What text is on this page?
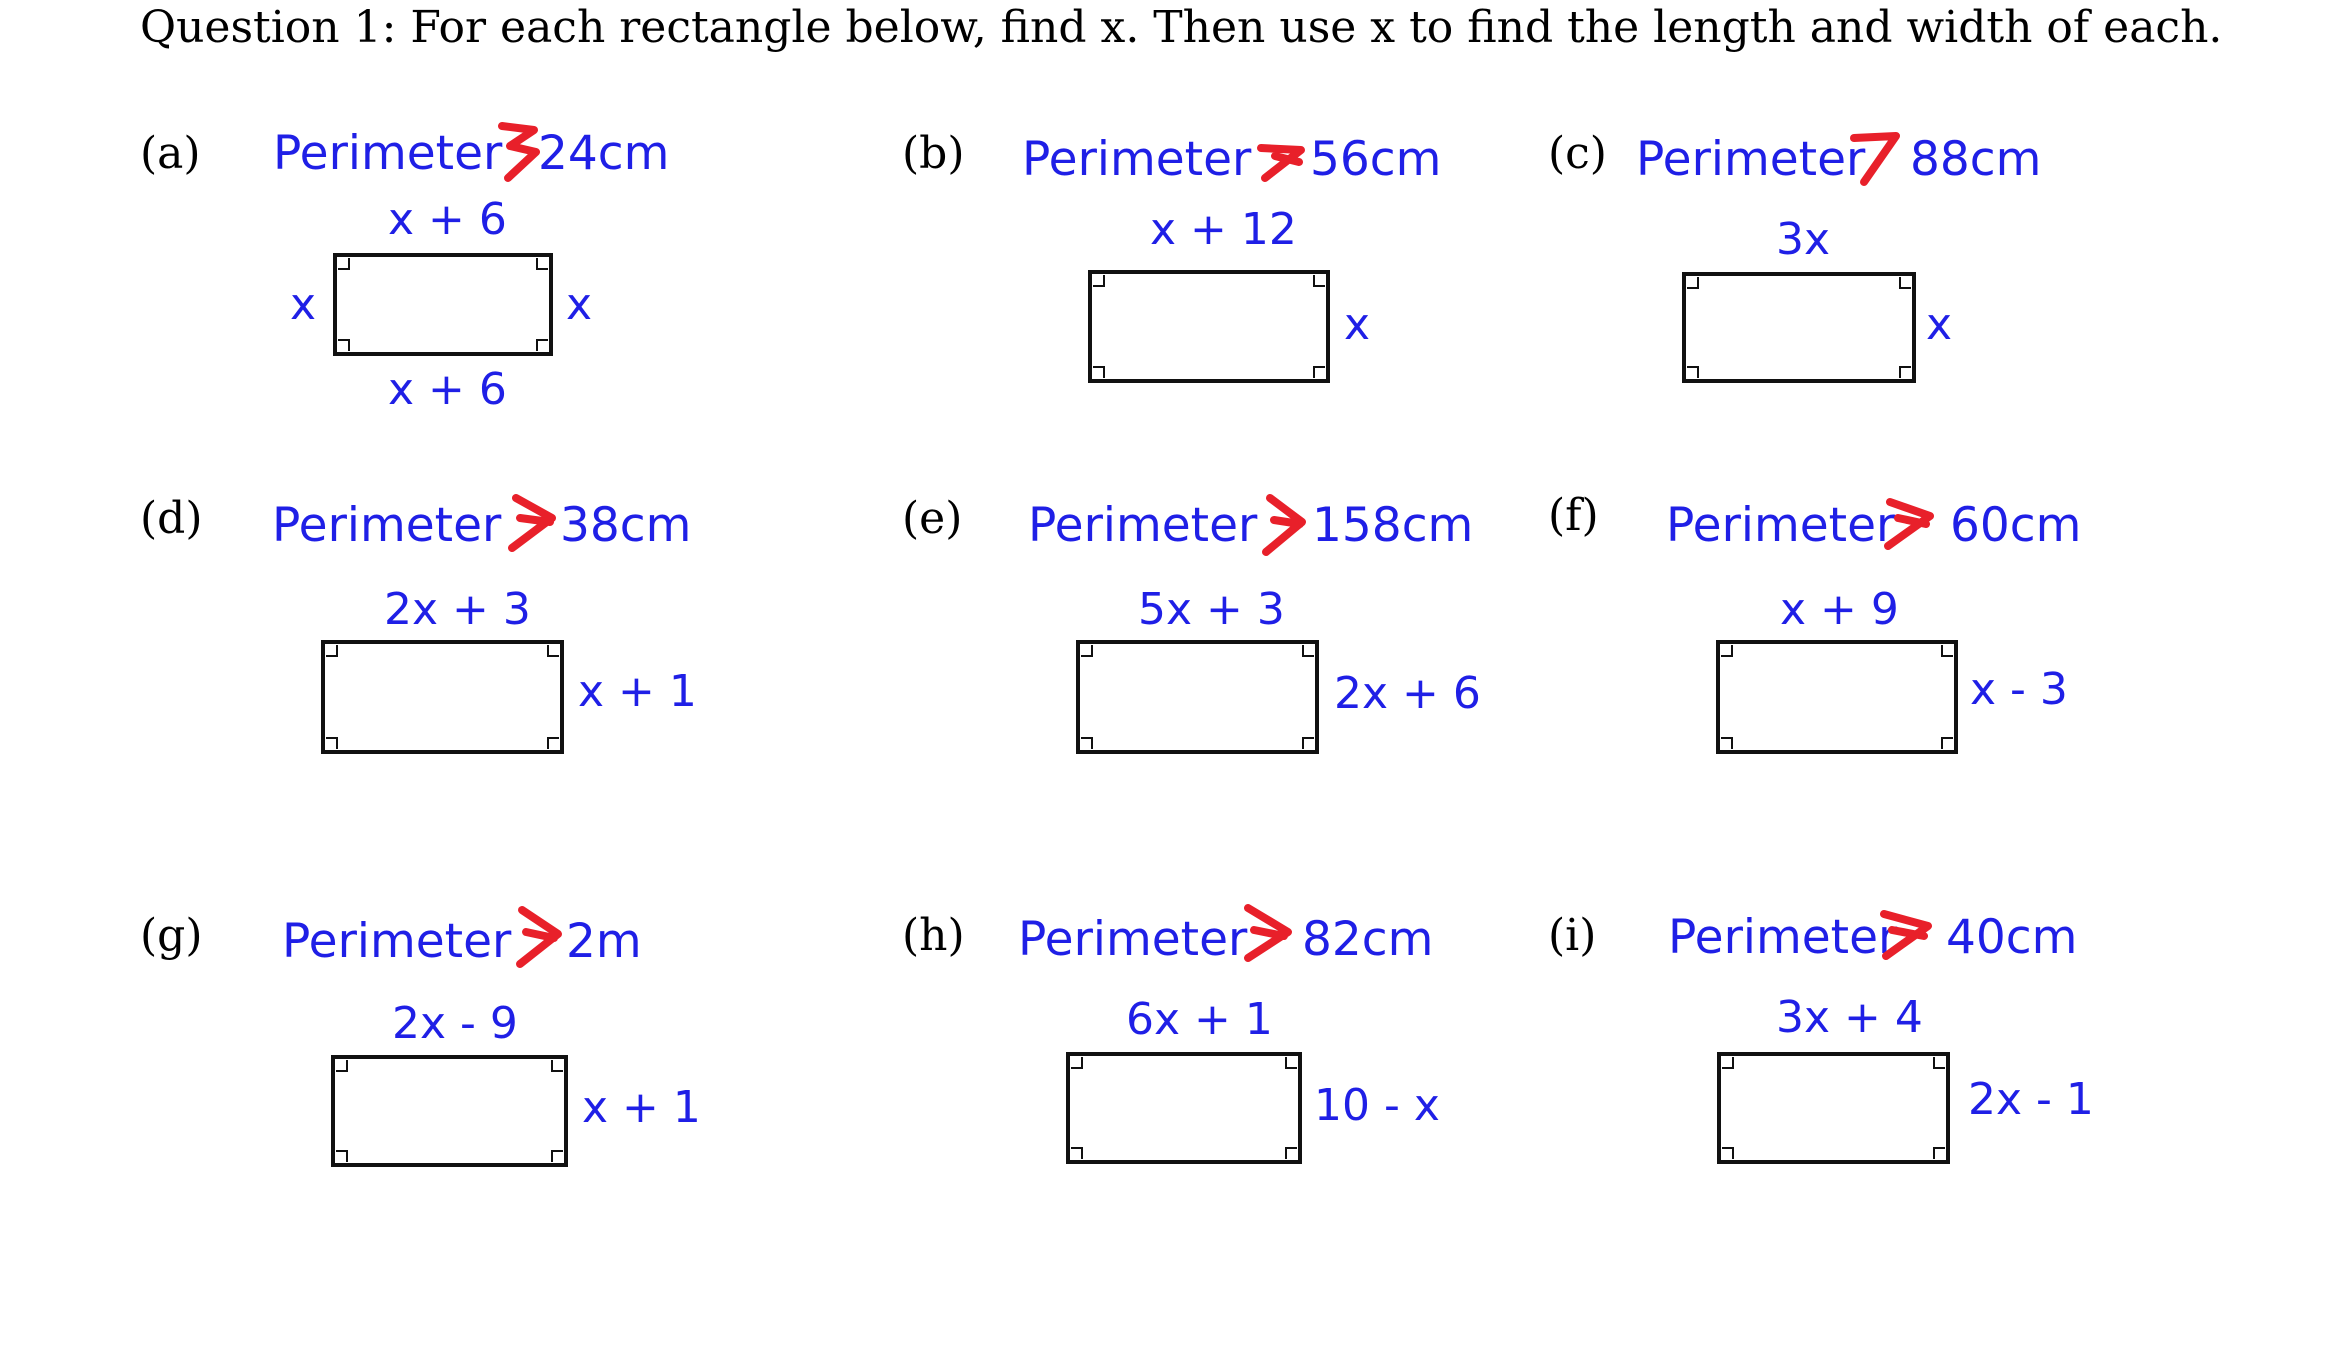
Question 1: For each rectangle below, find x. Then use x to find the length and width of each.
(a) Perimeter 24cm
x + 6
x	x
x + 6
(b) Perimeter 56cm
x + 12
x
(c) Perimeter 88cm
3x
x
(d) Perimeter 38cm
2x + 3
x + 1
(e) Perimeter 158cm
5x + 3
2x + 6
(f) Perimeter 60cm
x + 9
x - 3
(g) Perimeter 2m
2x - 9
x + 1
(h) Perimeter 82cm
6x + 1
10 - x
(i) Perimeter 40cm
3x + 4
2x - 1
